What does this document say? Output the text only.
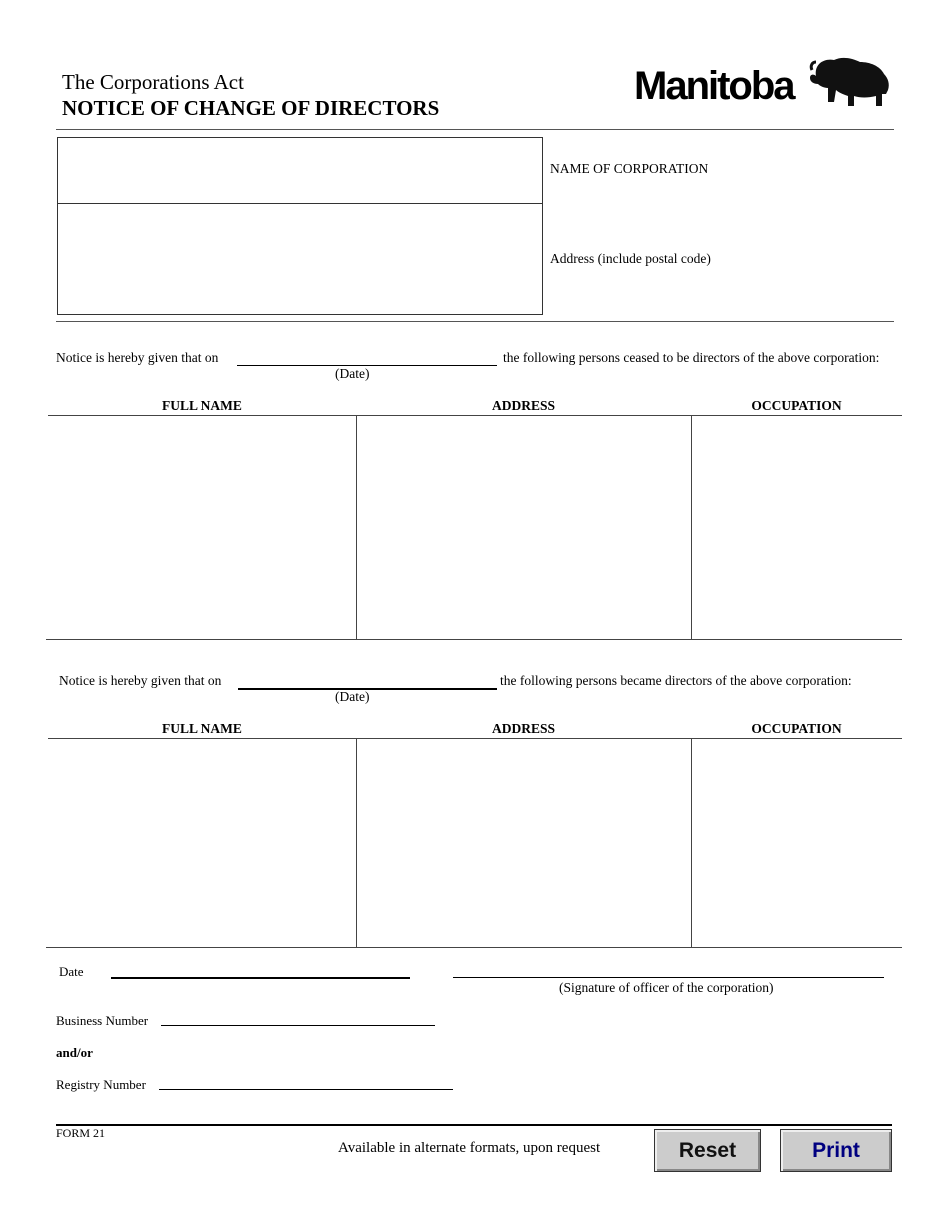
The Corporations Act
NOTICE OF CHANGE OF DIRECTORS	Manitoba
NAME OF CORPORATION
Address (include postal code)
Notice is hereby given that on	the following persons ceased to be directors of the above corporation:
(Date)
FULL NAME	ADDRESS	OCCUPATION
Notice is hereby given that on	the following persons became directors of the above corporation:
(Date)
FULL NAME	ADDRESS	OCCUPATION
Date
(Signature of officer of the corporation)
Business Number
and/or
Registry Number
FORM 21
Available in alternate formats, upon request	Reset	Print
